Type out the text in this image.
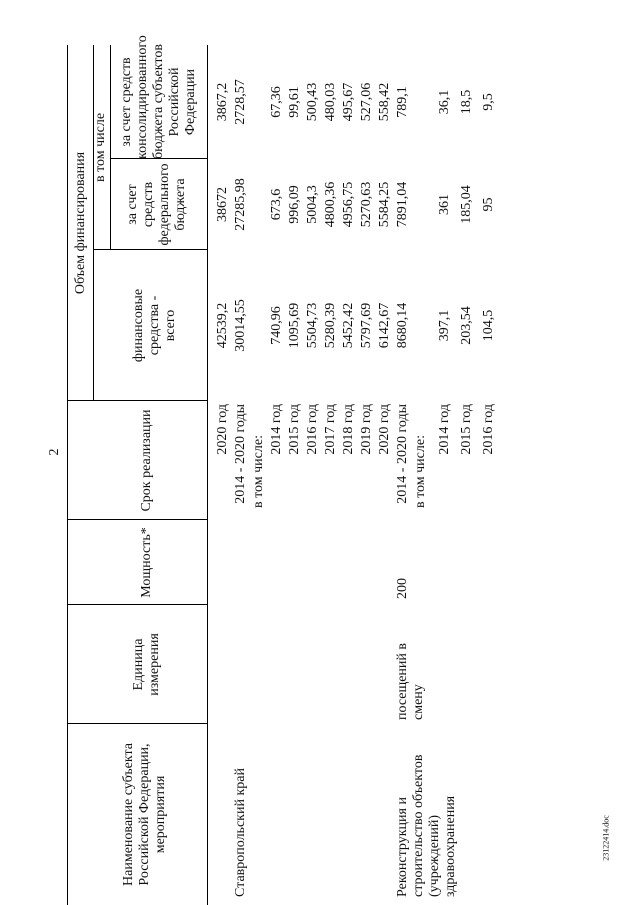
2
23122414.doc
Наименование субъекта Российской Федерации, мероприятия
Единица измерения
Мощность*
Срок реализации
Объем финансирования
финансовые средства - всего
в том числе
за счет средств федерального бюджета
за счет средств консолидированного бюджета субъектов Российской Федерации
2020 год
42539,2
38672
3867,2
Ставропольский край
2014 - 2020 годы
30014,55
27285,98
2728,57
в том числе:
2014 год
740,96
673,6
67,36
2015 год
1095,69
996,09
99,61
2016 год
5504,73
5004,3
500,43
2017 год
5280,39
4800,36
480,03
2018 год
5452,42
4956,75
495,67
2019 год
5797,69
5270,63
527,06
2020 год
6142,67
5584,25
558,42
Реконструкция и строительство объектов (учреждений) здравоохранения
посещений в смену
200
2014 - 2020 годы
8680,14
7891,04
789,1
в том числе:
2014 год
397,1
361
36,1
2015 год
203,54
185,04
18,5
2016 год
104,5
95
9,5
